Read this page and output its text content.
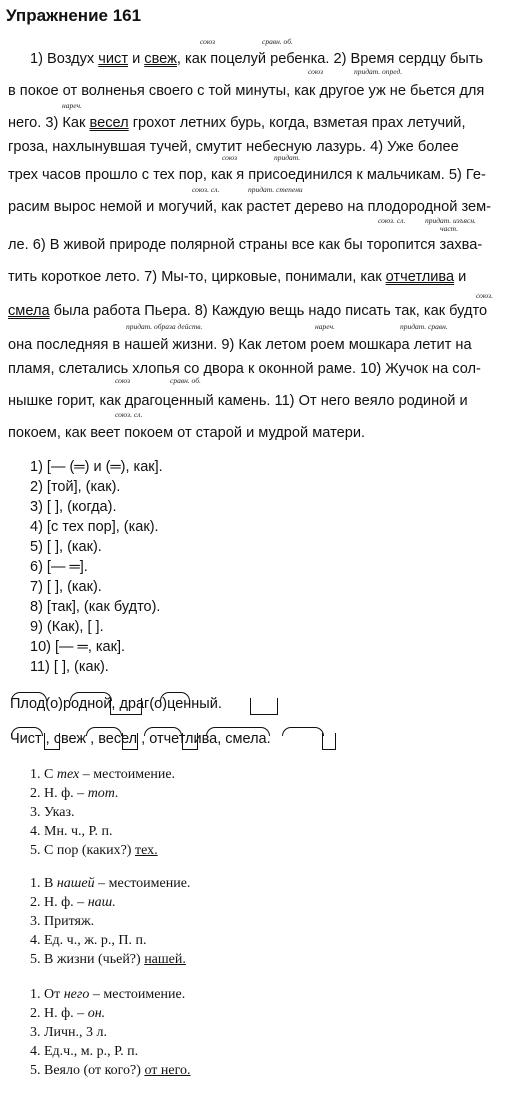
Упражнение 161
союз	сравн. об.
союз	придат. опред.
нареч.
союз	придат.
союз. сл.	придат. степени
союз. сл.	придат. изъясн.
част.
союз.
придат. образа действ.	нареч.	придат. сравн.
союз	сравн. об.
союз. сл.
1) Воздух чист и свеж, как поцелуй ребенка. 2) Время сердцу быть
в покое от волненья своего с той минуты, как другое уж не бьется для
него. 3) Как весел грохот летних бурь, когда, взметая прах летучий,
гроза, нахлынувшая тучей, смутит небесную лазурь. 4) Уже более
трех часов прошло с тех пор, как я присоединился к мальчикам. 5) Ге-
расим вырос немой и могучий, как растет дерево на плодородной зем-
ле. 6) В живой природе полярной страны все как бы торопится захва-
тить короткое лето. 7) Мы-то, цирковые, понимали, как отчетлива и
смела была работа Пьера. 8) Каждую вещь надо писать так, как будто
она последняя в нашей жизни. 9) Как летом роем мошкара летит на
пламя, слетались хлопья со двора к оконной раме. 10) Жучок на сол-
нышке горит, как драгоценный камень. 11) От него веяло родиной и
покоем, как веет покоем от старой и мудрой матери.
1) [— (═) и (═), как].
2) [той], (как).
3) [ ], (когда).
4) [с тех пор], (как).
5) [ ], (как).
6) [— ═].
7) [ ], (как).
8) [так], (как будто).
9) (Как), [ ].
10) [— ═, как].
11) [ ], (как).
Плод(о)родной, драг(о)ценный.
Чист , свеж , весел , отчетлива, смела.
1. С тех – местоимение.
2. Н. ф. – тот.
3. Указ.
4. Мн. ч., Р. п.
5. С пор (каких?) тех.
1. В нашей – местоимение.
2. Н. ф. – наш.
3. Притяж.
4. Ед. ч., ж. р., П. п.
5. В жизни (чьей?) нашей.
1. От него – местоимение.
2. Н. ф. – он.
3. Личн., 3 л.
4. Ед.ч., м. р., Р. п.
5. Веяло (от кого?) от него.
